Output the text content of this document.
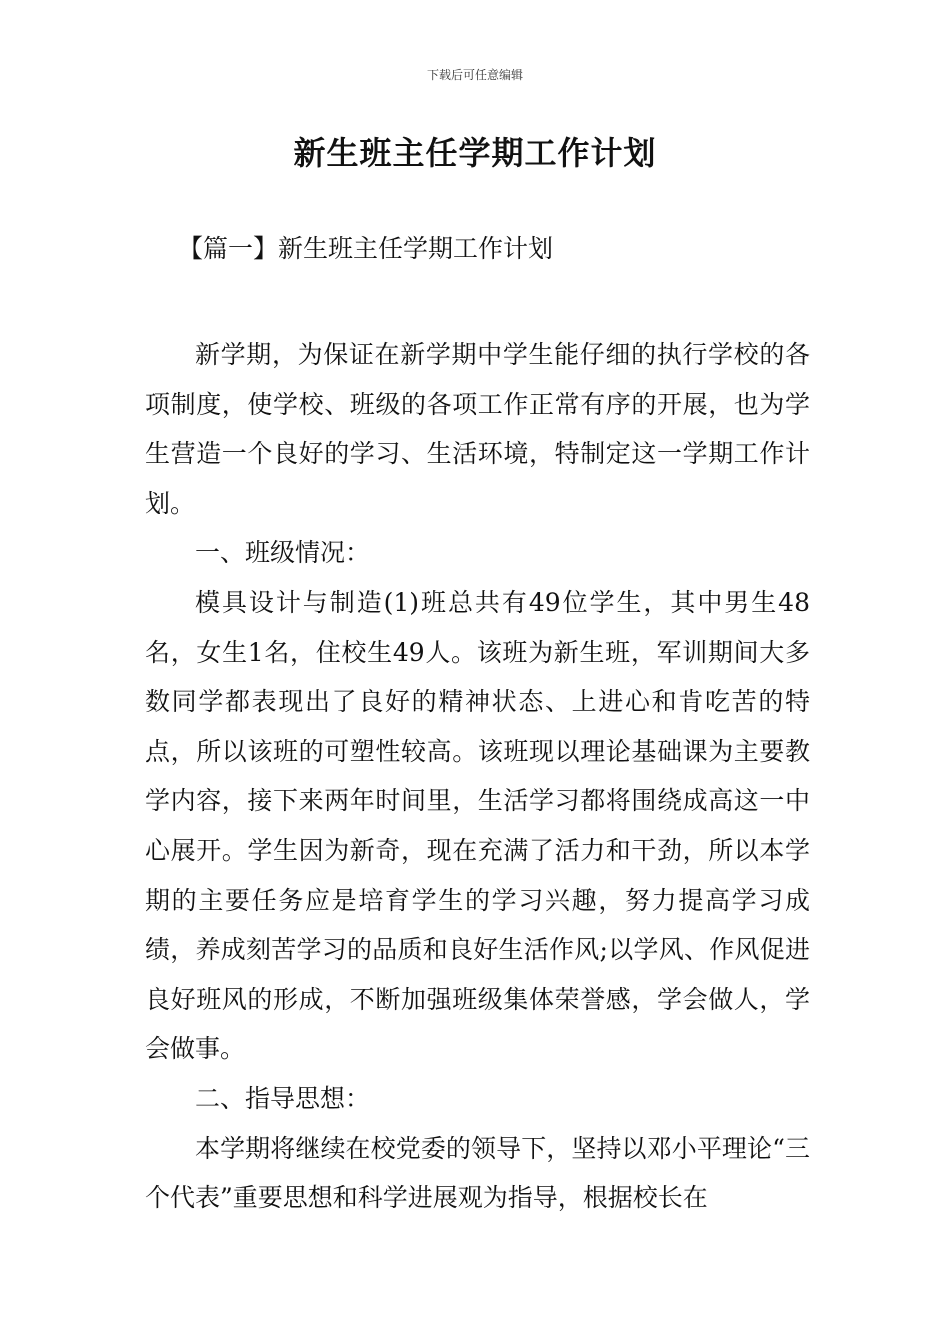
下载后可任意编辑
新生班主任学期工作计划
【篇一】新生班主任学期工作计划

新学期，为保证在新学期中学生能仔细的执行学校的各项制度，使学校、班级的各项工作正常有序的开展，也为学生营造一个良好的学习、生活环境，特制定这一学期工作计划。

一、班级情况：

模具设计与制造(1)班总共有49位学生，其中男生48名，女生1名，住校生49人。该班为新生班，军训期间大多数同学都表现出了良好的精神状态、上进心和肯吃苦的特点，所以该班的可塑性较高。该班现以理论基础课为主要教学内容，接下来两年时间里，生活学习都将围绕成高这一中心展开。学生因为新奇，现在充满了活力和干劲，所以本学期的主要任务应是培育学生的学习兴趣，努力提高学习成绩，养成刻苦学习的品质和良好生活作风;以学风、作风促进良好班风的形成，不断加强班级集体荣誉感，学会做人，学会做事。

二、指导思想：

本学期将继续在校党委的领导下，坚持以邓小平理论“三个代表”重要思想和科学进展观为指导，根据校长在
